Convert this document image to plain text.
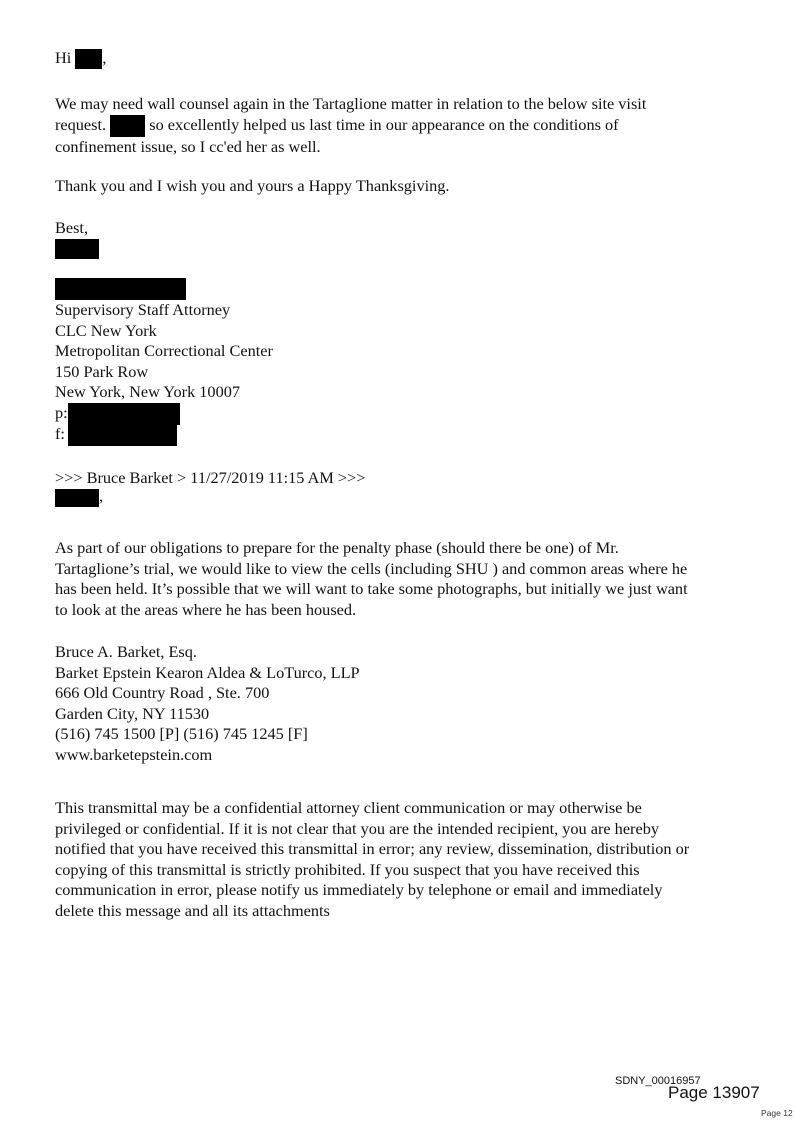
Hi ,
We may need wall counsel again in the Tartaglione matter in relation to the below site visit
request.	so excellently helped us last time in our appearance on the conditions of
confinement issue, so I cc'ed her as well.
Thank you and I wish you and yours a Happy Thanksgiving.
Best,
Supervisory Staff Attorney
CLC New York
Metropolitan Correctional Center
150 Park Row
New York, New York 10007
p:
f:
>>> Bruce Barket > 11/27/2019 11:15 AM >>>
,
As part of our obligations to prepare for the penalty phase (should there be one) of Mr.
Tartaglione’s trial, we would like to view the cells (including SHU ) and common areas where he
has been held. It’s possible that we will want to take some photographs, but initially we just want
to look at the areas where he has been housed.
Bruce A. Barket, Esq.
Barket Epstein Kearon Aldea & LoTurco, LLP
666 Old Country Road , Ste. 700
Garden City, NY 11530
(516) 745 1500 [P] (516) 745 1245 [F]
www.barketepstein.com
This transmittal may be a confidential attorney client communication or may otherwise be
privileged or confidential. If it is not clear that you are the intended recipient, you are hereby
notified that you have received this transmittal in error; any review, dissemination, distribution or
copying of this transmittal is strictly prohibited. If you suspect that you have received this
communication in error, please notify us immediately by telephone or email and immediately
delete this message and all its attachments
SDNY_00016957
Page 13907
Page 12
